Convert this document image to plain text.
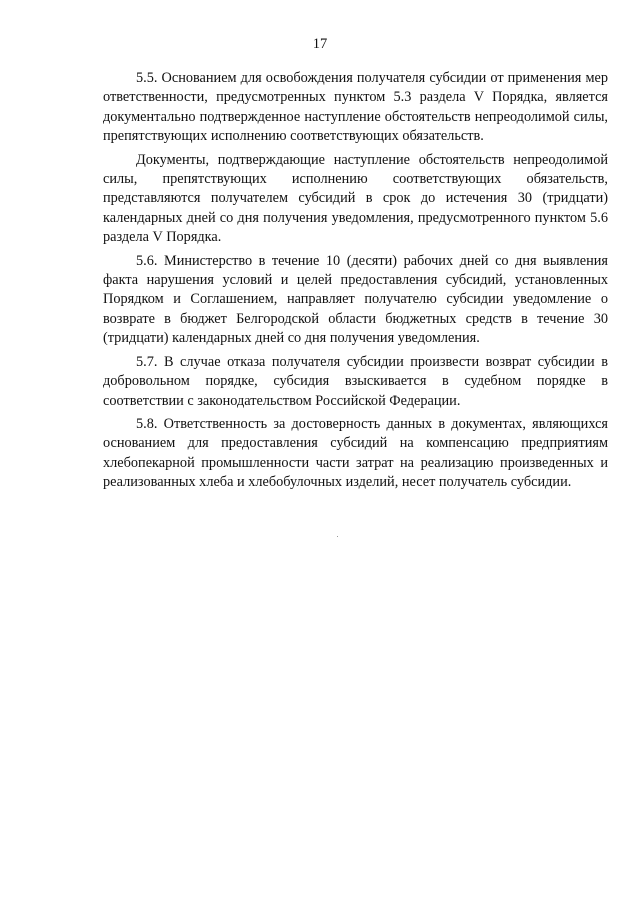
17

5.5. Основанием для освобождения получателя субсидии от применения мер ответственности, предусмотренных пунктом 5.3 раздела V Порядка, является документально подтвержденное наступление обстоятельств непреодолимой силы, препятствующих исполнению соответствующих обязательств.

Документы, подтверждающие наступление обстоятельств непреодолимой силы, препятствующих исполнению соответствующих обязательств, представляются получателем субсидий в срок до истечения 30 (тридцати) календарных дней со дня получения уведомления, предусмотренного пунктом 5.6 раздела V Порядка.

5.6. Министерство в течение 10 (десяти) рабочих дней со дня выявления факта нарушения условий и целей предоставления субсидий, установленных Порядком и Соглашением, направляет получателю субсидии уведомление о возврате в бюджет Белгородской области бюджетных средств в течение 30 (тридцати) календарных дней со дня получения уведомления.

5.7. В случае отказа получателя субсидии произвести возврат субсидии в добровольном порядке, субсидия взыскивается в судебном порядке в соответствии с законодательством Российской Федерации.

5.8. Ответственность за достоверность данных в документах, являющихся основанием для предоставления субсидий на компенсацию предприятиям хлебопекарной промышленности части затрат на реализацию произведенных и реализованных хлеба и хлебобулочных изделий, несет получатель субсидии.
